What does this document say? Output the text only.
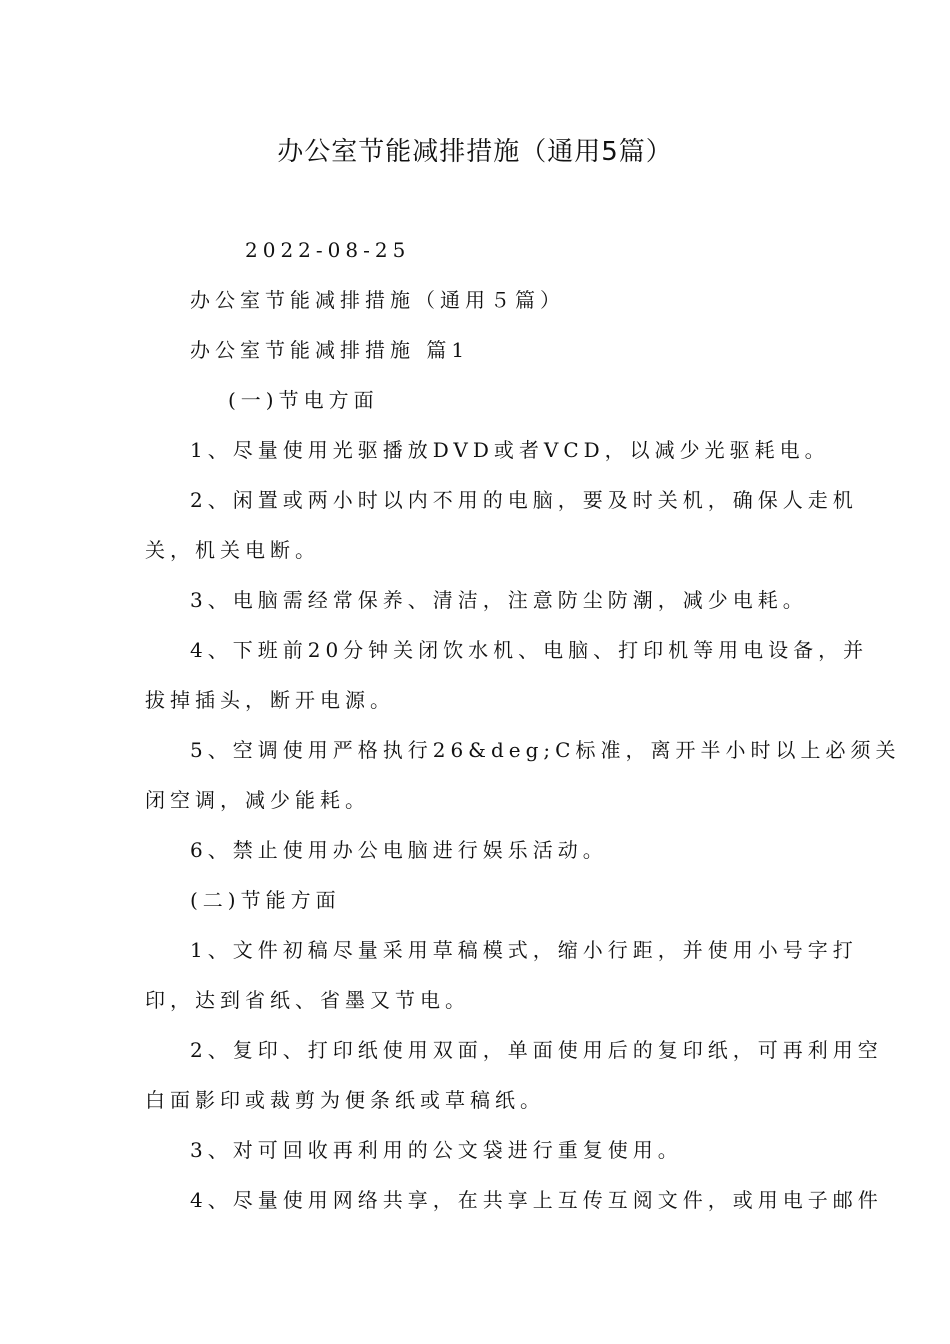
办公室节能减排措施（通用5篇）
2022-08-25
办公室节能减排措施（通用５篇）
办公室节能减排措施 篇1
(一)节电方面
1、尽量使用光驱播放DVD或者VCD，以减少光驱耗电。
2、闲置或两小时以内不用的电脑，要及时关机，确保人走机
关，机关电断。
3、电脑需经常保养、清洁，注意防尘防潮，减少电耗。
4、下班前20分钟关闭饮水机、电脑、打印机等用电设备，并
拔掉插头，断开电源。
5、空调使用严格执行26&deg;C标准，离开半小时以上必须关
闭空调，减少能耗。
6、禁止使用办公电脑进行娱乐活动。
(二)节能方面
1、文件初稿尽量采用草稿模式，缩小行距，并使用小号字打
印，达到省纸、省墨又节电。
2、复印、打印纸使用双面，单面使用后的复印纸，可再利用空
白面影印或裁剪为便条纸或草稿纸。
3、对可回收再利用的公文袋进行重复使用。
4、尽量使用网络共享，在共享上互传互阅文件，或用电子邮件
